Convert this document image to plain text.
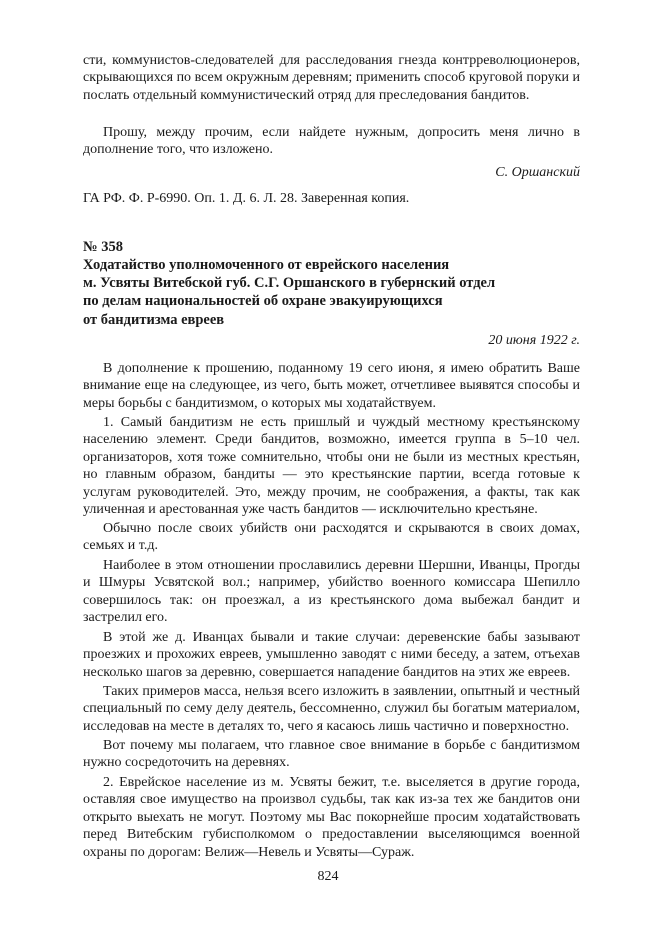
сти, коммунистов-следователей для расследования гнезда контрреволюционеров, скрывающихся по всем окружным деревням; применить способ круговой поруки и послать отдельный коммунистический отряд для преследования бандитов.

Прошу, между прочим, если найдете нужным, допросить меня лично в дополнение того, что изложено.

С. Оршанский

ГА РФ. Ф. Р-6990. Оп. 1. Д. 6. Л. 28. Заверенная копия.

№ 358

Ходатайство уполномоченного от еврейского населения
м. Усвяты Витебской губ. С.Г. Оршанского в губернский отдел
по делам национальностей об охране эвакуирующихся
от бандитизма евреев

20 июня 1922 г.

В дополнение к прошению, поданному 19 сего июня, я имею обратить Ваше внимание еще на следующее, из чего, быть может, отчетливее выявятся способы и меры борьбы с бандитизмом, о которых мы ходатайствуем.

1. Самый бандитизм не есть пришлый и чуждый местному крестьянскому населению элемент. Среди бандитов, возможно, имеется группа в 5–10 чел. организаторов, хотя тоже сомнительно, чтобы они не были из местных крестьян, но главным образом, бандиты — это крестьянские партии, всегда готовые к услугам руководителей. Это, между прочим, не соображения, а факты, так как уличенная и арестованная уже часть бандитов — исключительно крестьяне.

Обычно после своих убийств они расходятся и скрываются в своих домах, семьях и т.д.

Наиболее в этом отношении прославились деревни Шершни, Иванцы, Прогды и Шмуры Усвятской вол.; например, убийство военного комиссара Шепилло совершилось так: он проезжал, а из крестьянского дома выбежал бандит и застрелил его.

В этой же д. Иванцах бывали и такие случаи: деревенские бабы зазывают проезжих и прохожих евреев, умышленно заводят с ними беседу, а затем, отъехав несколько шагов за деревню, совершается нападение бандитов на этих же евреев.

Таких примеров масса, нельзя всего изложить в заявлении, опытный и честный специальный по сему делу деятель, бессомненно, служил бы богатым материалом, исследовав на месте в деталях то, чего я касаюсь лишь частично и поверхностно.

Вот почему мы полагаем, что главное свое внимание в борьбе с бандитизмом нужно сосредоточить на деревнях.

2. Еврейское население из м. Усвяты бежит, т.е. выселяется в другие города, оставляя свое имущество на произвол судьбы, так как из-за тех же бандитов они открыто выехать не могут. Поэтому мы Вас покорнейше просим ходатайствовать перед Витебским губисполкомом о предоставлении выселяющимся военной охраны по дорогам: Велиж—Невель и Усвяты—Сураж.

824
